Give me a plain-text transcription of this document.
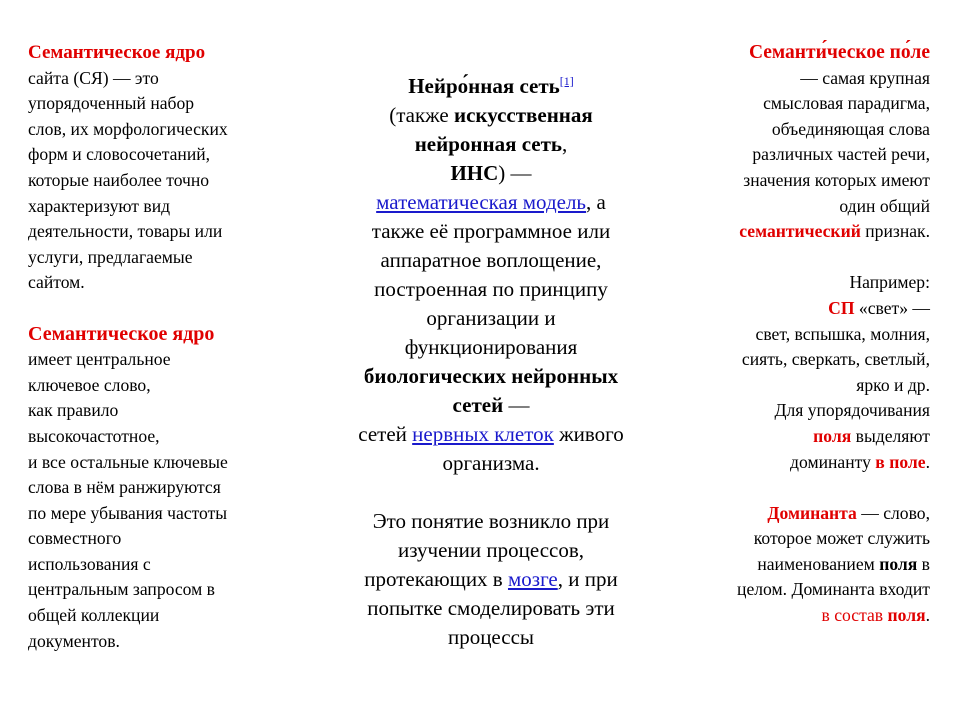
Семантическое ядро
сайта (СЯ) — это
упорядоченный набор
слов, их морфологических
форм и словосочетаний,
которые наиболее точно
характеризуют вид
деятельности, товары или
услуги, предлагаемые
сайтом.
Семантическое ядро
имеет центральное
ключевое слово,
как правило
высокочастотное,
и все остальные ключевые
слова в нём ранжируются
по мере убывания частоты
совместного
использования с
центральным запросом в
общей коллекции
документов.
Нейро́нная сеть[1]
(также искусственная
нейронная сеть,
ИНС) —
математическая модель, а
также её программное или
аппаратное воплощение,
построенная по принципу
организации и
функционирования
биологических нейронных
сетей —
сетей нервных клеток живого
организма.
Это понятие возникло при
изучении процессов,
протекающих в мозге, и при
попытке смоделировать эти
процессы
Семанти́ческое по́ле
— самая крупная
смысловая парадигма,
объединяющая слова
различных частей речи,
значения которых имеют
один общий
семантический признак.
Например:
СП «свет» —
свет, вспышка, молния,
сиять, сверкать, светлый,
ярко и др.
Для упорядочивания
поля выделяют
доминанту в поле.
Доминанта — слово,
которое может служить
наименованием поля в
целом. Доминанта входит
в состав поля.
